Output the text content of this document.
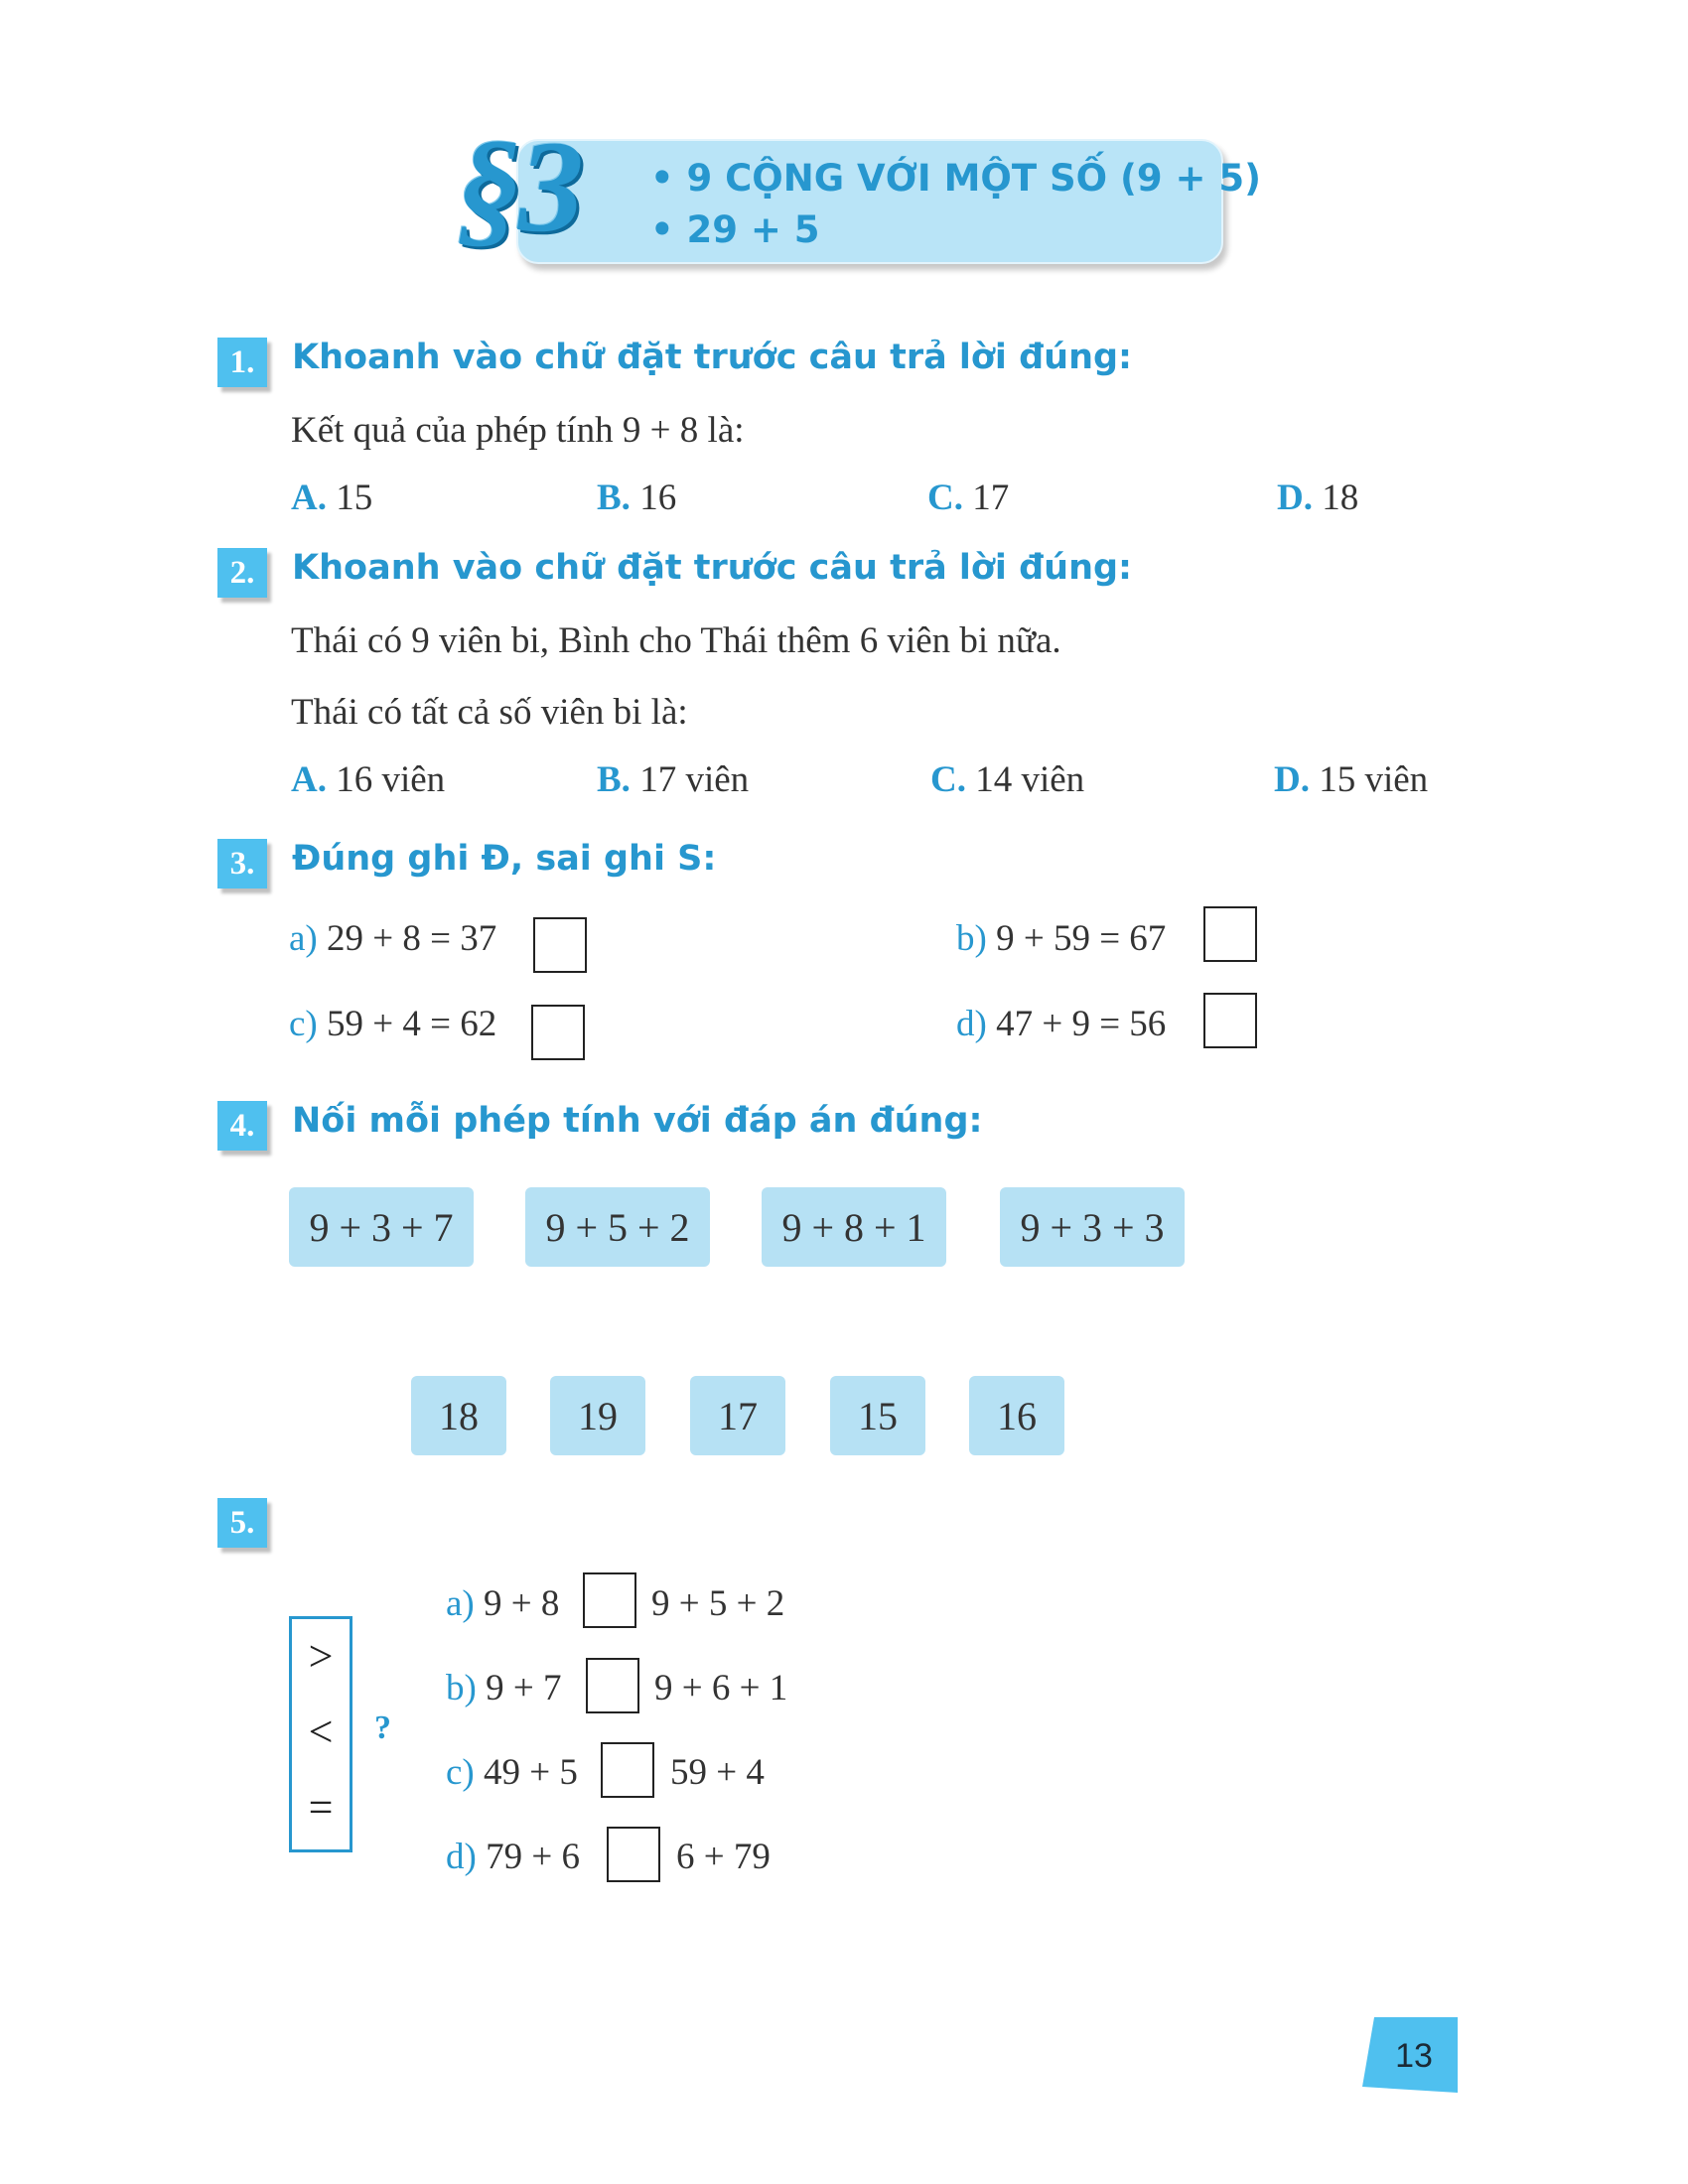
§3 • 9 CỘNG VỚI MỘT SỐ (9 + 5)
• 29 + 5
1.	Khoanh vào chữ đặt trước câu trả lời đúng:
Kết quả của phép tính 9 + 8 là:
A. 15	B. 16	C. 17	D. 18
2.	Khoanh vào chữ đặt trước câu trả lời đúng:
Thái có 9 viên bi, Bình cho Thái thêm 6 viên bi nữa.
Thái có tất cả số viên bi là:
A. 16 viên	B. 17 viên	C. 14 viên	D. 15 viên
3.	Đúng ghi Đ, sai ghi S:
a) 29 + 8 = 37	b) 9 + 59 = 67
c) 59 + 4 = 62	d) 47 + 9 = 56
4.	Nối mỗi phép tính với đáp án đúng:
9 + 3 + 7	9 + 5 + 2	9 + 8 + 1	9 + 3 + 3
18	19	17	15	16
5.
>
<
=
?
a) 9 + 8	9 + 5 + 2
b) 9 + 7	9 + 6 + 1
c) 49 + 5	59 + 4
d) 79 + 6	6 + 79
13
